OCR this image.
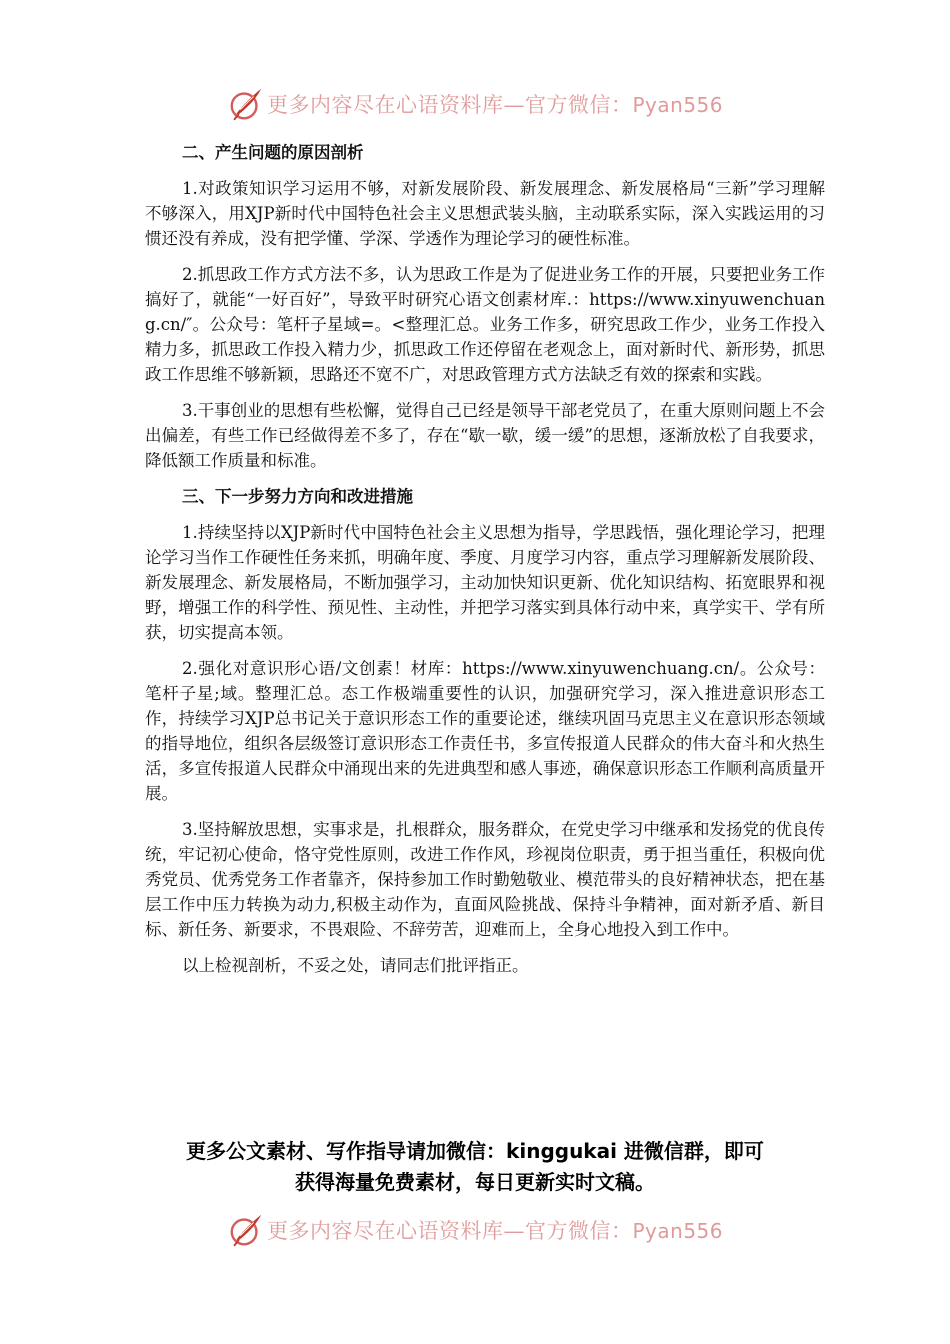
更多内容尽在心语资料库—官方微信：Pyan556
二、产生问题的原因剖析

1.对政策知识学习运用不够，对新发展阶段、新发展理念、新发展格局“三新”学习理解不够深入，用XJP新时代中国特色社会主义思想武装头脑，主动联系实际，深入实践运用的习惯还没有养成，没有把学懂、学深、学透作为理论学习的硬性标准。

2.抓思政工作方式方法不多，认为思政工作是为了促进业务工作的开展，只要把业务工作搞好了，就能“一好百好”，导致平时研究心语文创素材库.：https://www.xinyuwenchuang.cn/″。公众号：笔杆子星域=。<整理汇总。业务工作多，研究思政工作少，业务工作投入精力多，抓思政工作投入精力少，抓思政工作还停留在老观念上，面对新时代、新形势，抓思政工作思维不够新颖，思路还不宽不广，对思政管理方式方法缺乏有效的探索和实践。

3.干事创业的思想有些松懈，觉得自己已经是领导干部老党员了，在重大原则问题上不会出偏差，有些工作已经做得差不多了，存在“歇一歇，缓一缓”的思想，逐渐放松了自我要求，降低额工作质量和标准。

三、下一步努力方向和改进措施

1.持续坚持以XJP新时代中国特色社会主义思想为指导，学思践悟，强化理论学习，把理论学习当作工作硬性任务来抓，明确年度、季度、月度学习内容，重点学习理解新发展阶段、新发展理念、新发展格局，不断加强学习，主动加快知识更新、优化知识结构、拓宽眼界和视野，增强工作的科学性、预见性、主动性，并把学习落实到具体行动中来，真学实干、学有所获，切实提高本领。

2.强化对意识形心语/文创素！材库：https://www.xinyuwenchuang.cn/。公众号：笔杆子星;域。整理汇总。态工作极端重要性的认识，加强研究学习，深入推进意识形态工作，持续学习XJP总书记关于意识形态工作的重要论述，继续巩固马克思主义在意识形态领域的指导地位，组织各层级签订意识形态工作责任书，多宣传报道人民群众的伟大奋斗和火热生活，多宣传报道人民群众中涌现出来的先进典型和感人事迹，确保意识形态工作顺利高质量开展。

3.坚持解放思想，实事求是，扎根群众，服务群众，在党史学习中继承和发扬党的优良传统，牢记初心使命，恪守党性原则，改进工作作风，珍视岗位职责，勇于担当重任，积极向优秀党员、优秀党务工作者靠齐，保持参加工作时勤勉敬业、模范带头的良好精神状态，把在基层工作中压力转换为动力,积极主动作为，直面风险挑战、保持斗争精神，面对新矛盾、新目标、新任务、新要求，不畏艰险、不辞劳苦，迎难而上，全身心地投入到工作中。

以上检视剖析，不妥之处，请同志们批评指正。

更多公文素材、写作指导请加微信：kinggukai 进微信群，即可
获得海量免费素材，每日更新实时文稿。
更多内容尽在心语资料库—官方微信：Pyan556
